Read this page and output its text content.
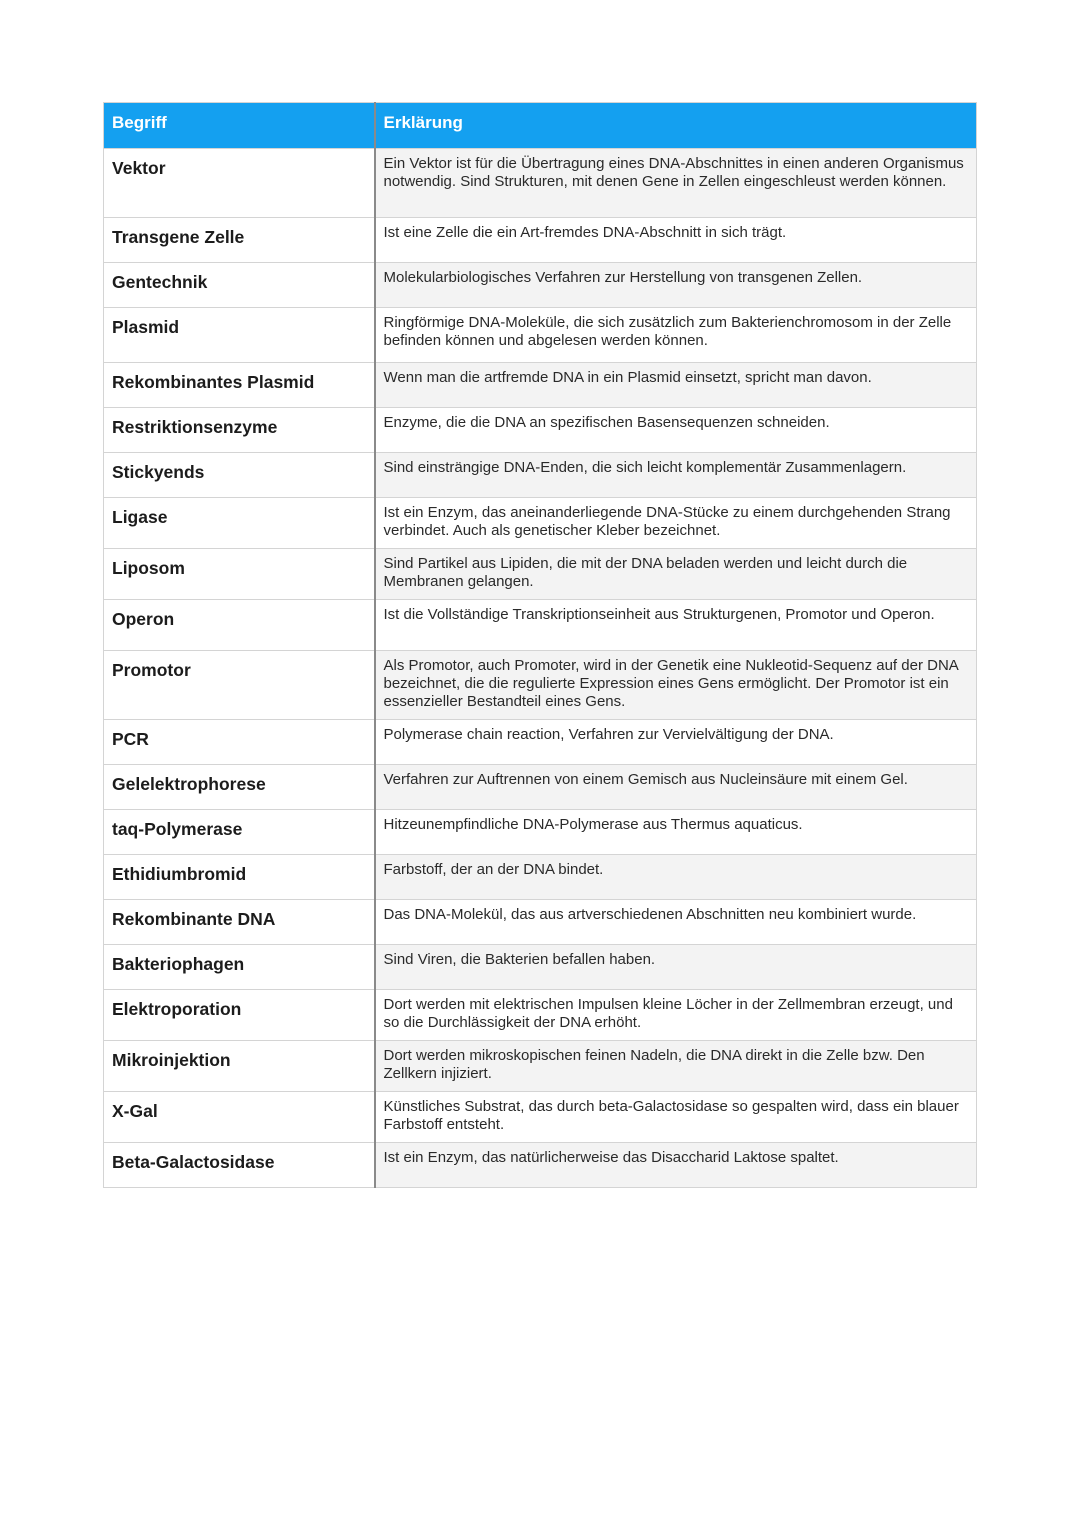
Begriff	Erklärung
Vektor	Ein Vektor ist für die Übertragung eines DNA-Abschnittes in einen anderen Organismus notwendig. Sind Strukturen, mit denen Gene in Zellen eingeschleust werden können.
Transgene Zelle	Ist eine Zelle die ein Art-fremdes DNA-Abschnitt in sich trägt.
Gentechnik	Molekularbiologisches Verfahren zur Herstellung von transgenen Zellen.
Plasmid	Ringförmige DNA-Moleküle, die sich zusätzlich zum Bakterienchromosom in der Zelle befinden können und abgelesen werden können.
Rekombinantes Plasmid	Wenn man die artfremde DNA in ein Plasmid einsetzt, spricht man davon.
Restriktionsenzyme	Enzyme, die die DNA an spezifischen Basensequenzen schneiden.
Stickyends	Sind einsträngige DNA-Enden, die sich leicht komplementär Zusammenlagern.
Ligase	Ist ein Enzym, das aneinanderliegende DNA-Stücke zu einem durchgehenden Strang verbindet. Auch als genetischer Kleber bezeichnet.
Liposom	Sind Partikel aus Lipiden, die mit der DNA beladen werden und leicht durch die Membranen gelangen.
Operon	Ist die Vollständige Transkriptionseinheit aus Strukturgenen, Promotor und Operon.
Promotor	Als Promotor, auch Promoter, wird in der Genetik eine Nukleotid-Sequenz auf der DNA bezeichnet, die die regulierte Expression eines Gens ermöglicht. Der Promotor ist ein essenzieller Bestandteil eines Gens.
PCR	Polymerase chain reaction, Verfahren zur Vervielvältigung der DNA.
Gelelektrophorese	Verfahren zur Auftrennen von einem Gemisch aus Nucleinsäure mit einem Gel.
taq-Polymerase	Hitzeunempfindliche DNA-Polymerase aus Thermus aquaticus.
Ethidiumbromid	Farbstoff, der an der DNA bindet.
Rekombinante DNA	Das DNA-Molekül, das aus artverschiedenen Abschnitten neu kombiniert wurde.
Bakteriophagen	Sind Viren, die Bakterien befallen haben.
Elektroporation	Dort werden mit elektrischen Impulsen kleine Löcher in der Zellmembran erzeugt, und so die Durchlässigkeit der DNA erhöht.
Mikroinjektion	Dort werden mikroskopischen feinen Nadeln, die DNA direkt in die Zelle bzw. Den Zellkern injiziert.
X-Gal	Künstliches Substrat, das durch beta-Galactosidase so gespalten wird, dass ein blauer Farbstoff entsteht.
Beta-Galactosidase	Ist ein Enzym, das natürlicherweise das Disaccharid Laktose spaltet.
